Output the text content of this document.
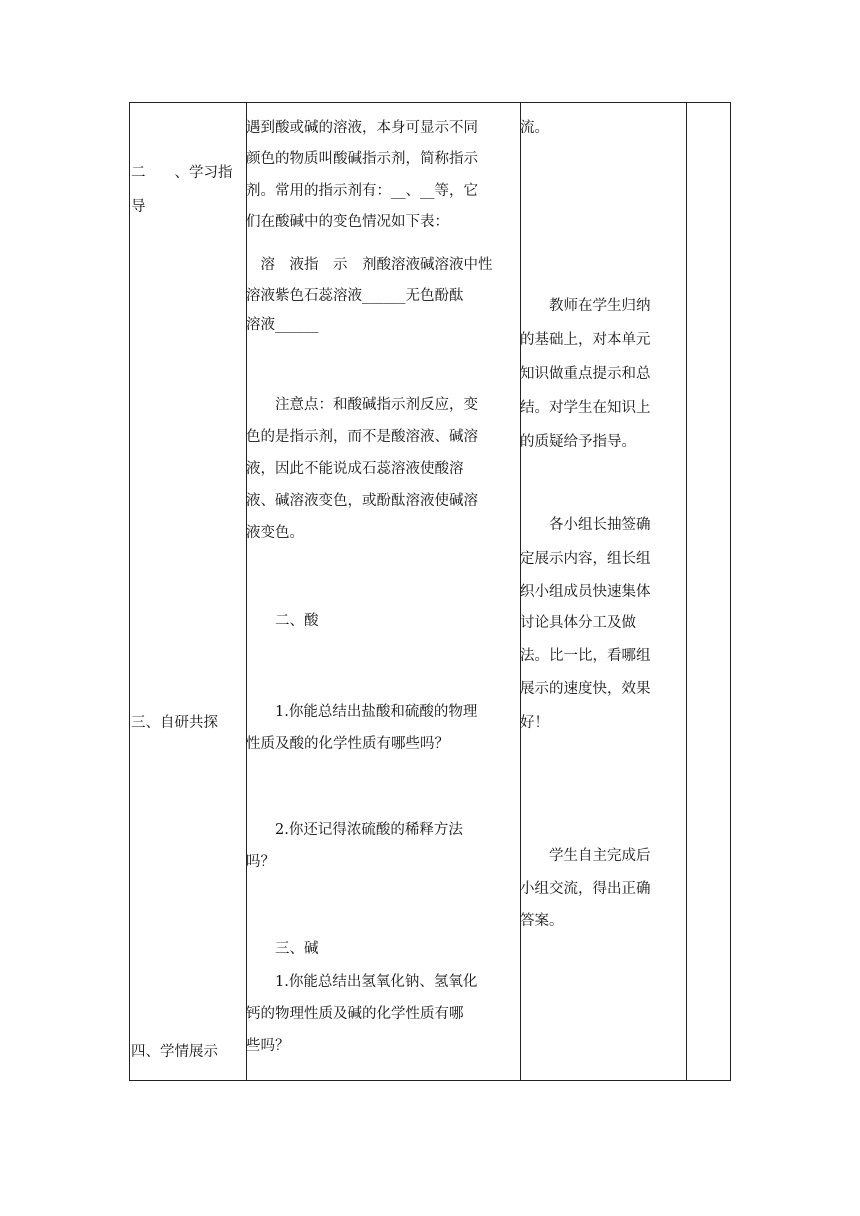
二　　、学习指
导
三、自研共探
四、学情展示
遇到酸或碱的溶液，本身可显示不同
颜色的物质叫酸碱指示剂，简称指示
剂。常用的指示剂有：__、__等，它
们在酸碱中的变色情况如下表：
　溶　液指　示　剂酸溶液碱溶液中性
溶液紫色石蕊溶液______无色酚酞
溶液______
　　注意点：和酸碱指示剂反应，变
色的是指示剂，而不是酸溶液、碱溶
液，因此不能说成石蕊溶液使酸溶
液、碱溶液变色，或酚酞溶液使碱溶
液变色。
　　二、酸
　　1.你能总结出盐酸和硫酸的物理
性质及酸的化学性质有哪些吗？
　　2.你还记得浓硫酸的稀释方法
吗？
　　三、碱
　　1.你能总结出氢氧化钠、氢氧化
钙的物理性质及碱的化学性质有哪
些吗？
流。
　　教师在学生归纳
的基础上，对本单元
知识做重点提示和总
结。对学生在知识上
的质疑给予指导。
　　各小组长抽签确
定展示内容，组长组
织小组成员快速集体
讨论具体分工及做
法。比一比，看哪组
展示的速度快，效果
好！
　　学生自主完成后
小组交流，得出正确
答案。
